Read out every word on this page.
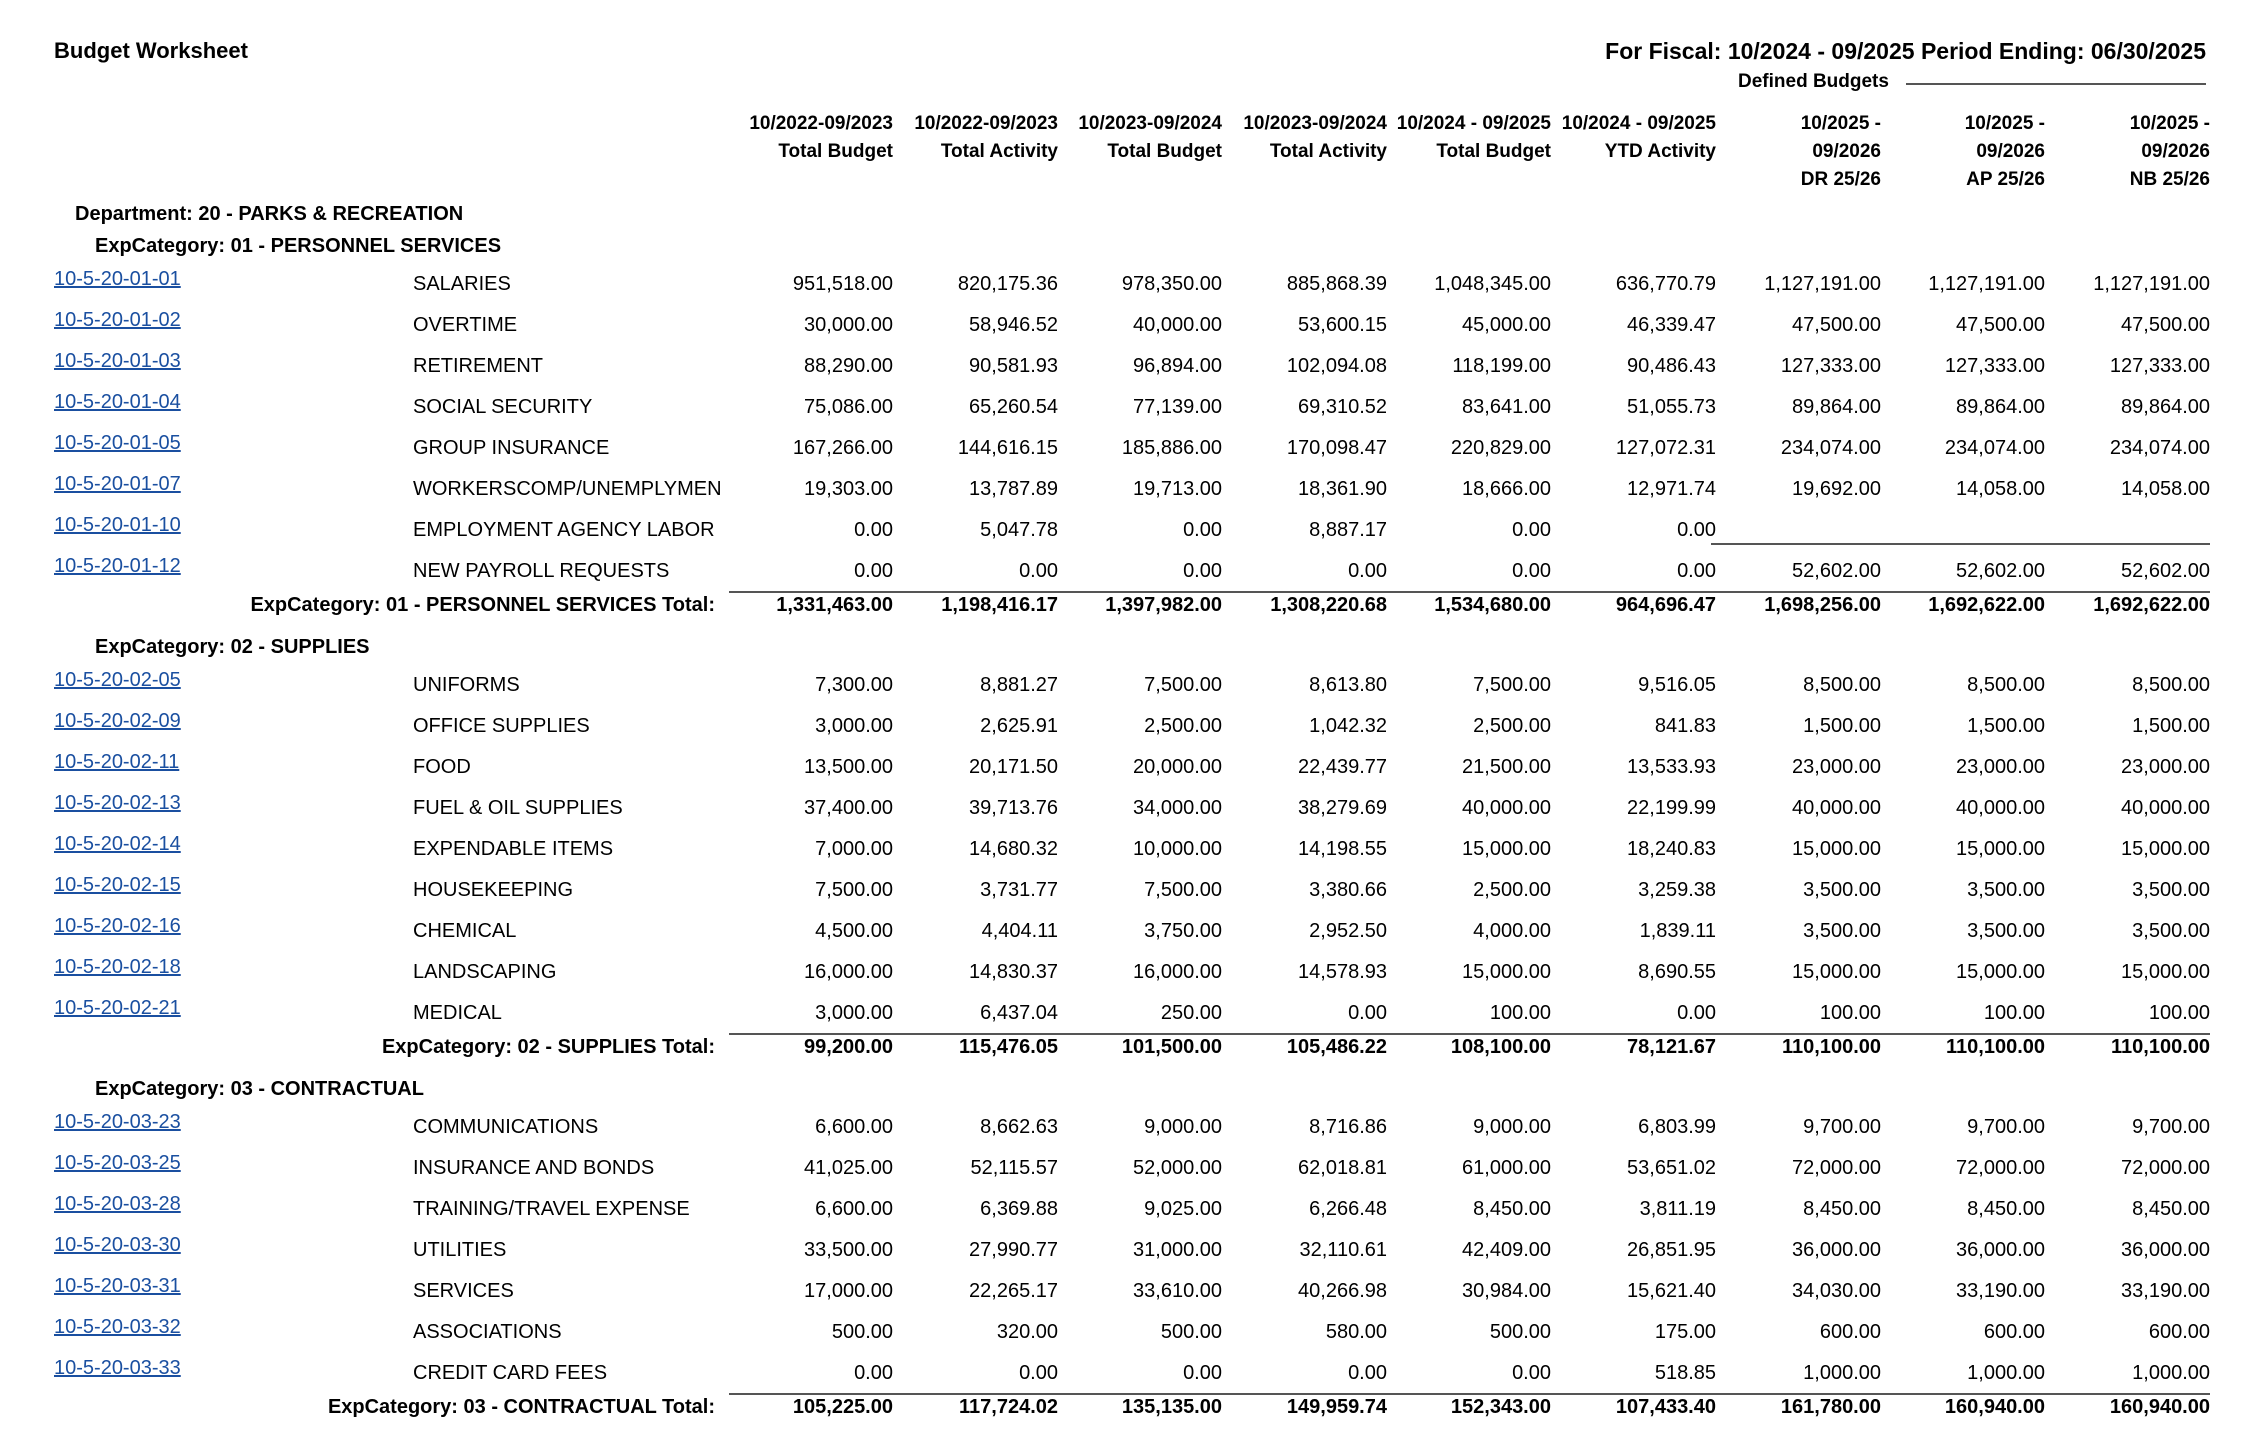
Budget Worksheet	For Fiscal: 10/2024 - 09/2025 Period Ending: 06/30/2025
Defined Budgets
10/2022-09/2023
Total Budget
10/2022-09/2023
Total Activity
10/2023-09/2024
Total Budget
10/2023-09/2024
Total Activity
10/2024 - 09/2025
Total Budget
10/2024 - 09/2025
YTD Activity
10/2025 -
09/2026
DR 25/26
10/2025 -
09/2026
AP 25/26
10/2025 -
09/2026
NB 25/26
Department: 20 - PARKS & RECREATION
ExpCategory: 01 - PERSONNEL SERVICES
10-5-20-01-01	SALARIES	951,518.00	820,175.36	978,350.00	885,868.39	1,048,345.00	636,770.79	1,127,191.00	1,127,191.00	1,127,191.00
10-5-20-01-02	OVERTIME	30,000.00	58,946.52	40,000.00	53,600.15	45,000.00	46,339.47	47,500.00	47,500.00	47,500.00
10-5-20-01-03	RETIREMENT	88,290.00	90,581.93	96,894.00	102,094.08	118,199.00	90,486.43	127,333.00	127,333.00	127,333.00
10-5-20-01-04	SOCIAL SECURITY	75,086.00	65,260.54	77,139.00	69,310.52	83,641.00	51,055.73	89,864.00	89,864.00	89,864.00
10-5-20-01-05	GROUP INSURANCE	167,266.00	144,616.15	185,886.00	170,098.47	220,829.00	127,072.31	234,074.00	234,074.00	234,074.00
10-5-20-01-07	WORKERSCOMP/UNEMPLYMEN	19,303.00	13,787.89	19,713.00	18,361.90	18,666.00	12,971.74	19,692.00	14,058.00	14,058.00
10-5-20-01-10	EMPLOYMENT AGENCY LABOR	0.00	5,047.78	0.00	8,887.17	0.00	0.00
10-5-20-01-12	NEW PAYROLL REQUESTS	0.00	0.00	0.00	0.00	0.00	0.00	52,602.00	52,602.00	52,602.00
ExpCategory: 01 - PERSONNEL SERVICES Total:	1,331,463.00	1,198,416.17	1,397,982.00	1,308,220.68	1,534,680.00	964,696.47	1,698,256.00	1,692,622.00	1,692,622.00
ExpCategory: 02 - SUPPLIES
10-5-20-02-05	UNIFORMS	7,300.00	8,881.27	7,500.00	8,613.80	7,500.00	9,516.05	8,500.00	8,500.00	8,500.00
10-5-20-02-09	OFFICE SUPPLIES	3,000.00	2,625.91	2,500.00	1,042.32	2,500.00	841.83	1,500.00	1,500.00	1,500.00
10-5-20-02-11	FOOD	13,500.00	20,171.50	20,000.00	22,439.77	21,500.00	13,533.93	23,000.00	23,000.00	23,000.00
10-5-20-02-13	FUEL & OIL SUPPLIES	37,400.00	39,713.76	34,000.00	38,279.69	40,000.00	22,199.99	40,000.00	40,000.00	40,000.00
10-5-20-02-14	EXPENDABLE ITEMS	7,000.00	14,680.32	10,000.00	14,198.55	15,000.00	18,240.83	15,000.00	15,000.00	15,000.00
10-5-20-02-15	HOUSEKEEPING	7,500.00	3,731.77	7,500.00	3,380.66	2,500.00	3,259.38	3,500.00	3,500.00	3,500.00
10-5-20-02-16	CHEMICAL	4,500.00	4,404.11	3,750.00	2,952.50	4,000.00	1,839.11	3,500.00	3,500.00	3,500.00
10-5-20-02-18	LANDSCAPING	16,000.00	14,830.37	16,000.00	14,578.93	15,000.00	8,690.55	15,000.00	15,000.00	15,000.00
10-5-20-02-21	MEDICAL	3,000.00	6,437.04	250.00	0.00	100.00	0.00	100.00	100.00	100.00
ExpCategory: 02 - SUPPLIES Total:	99,200.00	115,476.05	101,500.00	105,486.22	108,100.00	78,121.67	110,100.00	110,100.00	110,100.00
ExpCategory: 03 - CONTRACTUAL
10-5-20-03-23	COMMUNICATIONS	6,600.00	8,662.63	9,000.00	8,716.86	9,000.00	6,803.99	9,700.00	9,700.00	9,700.00
10-5-20-03-25	INSURANCE AND BONDS	41,025.00	52,115.57	52,000.00	62,018.81	61,000.00	53,651.02	72,000.00	72,000.00	72,000.00
10-5-20-03-28	TRAINING/TRAVEL EXPENSE	6,600.00	6,369.88	9,025.00	6,266.48	8,450.00	3,811.19	8,450.00	8,450.00	8,450.00
10-5-20-03-30	UTILITIES	33,500.00	27,990.77	31,000.00	32,110.61	42,409.00	26,851.95	36,000.00	36,000.00	36,000.00
10-5-20-03-31	SERVICES	17,000.00	22,265.17	33,610.00	40,266.98	30,984.00	15,621.40	34,030.00	33,190.00	33,190.00
10-5-20-03-32	ASSOCIATIONS	500.00	320.00	500.00	580.00	500.00	175.00	600.00	600.00	600.00
10-5-20-03-33	CREDIT CARD FEES	0.00	0.00	0.00	0.00	0.00	518.85	1,000.00	1,000.00	1,000.00
ExpCategory: 03 - CONTRACTUAL Total:	105,225.00	117,724.02	135,135.00	149,959.74	152,343.00	107,433.40	161,780.00	160,940.00	160,940.00
